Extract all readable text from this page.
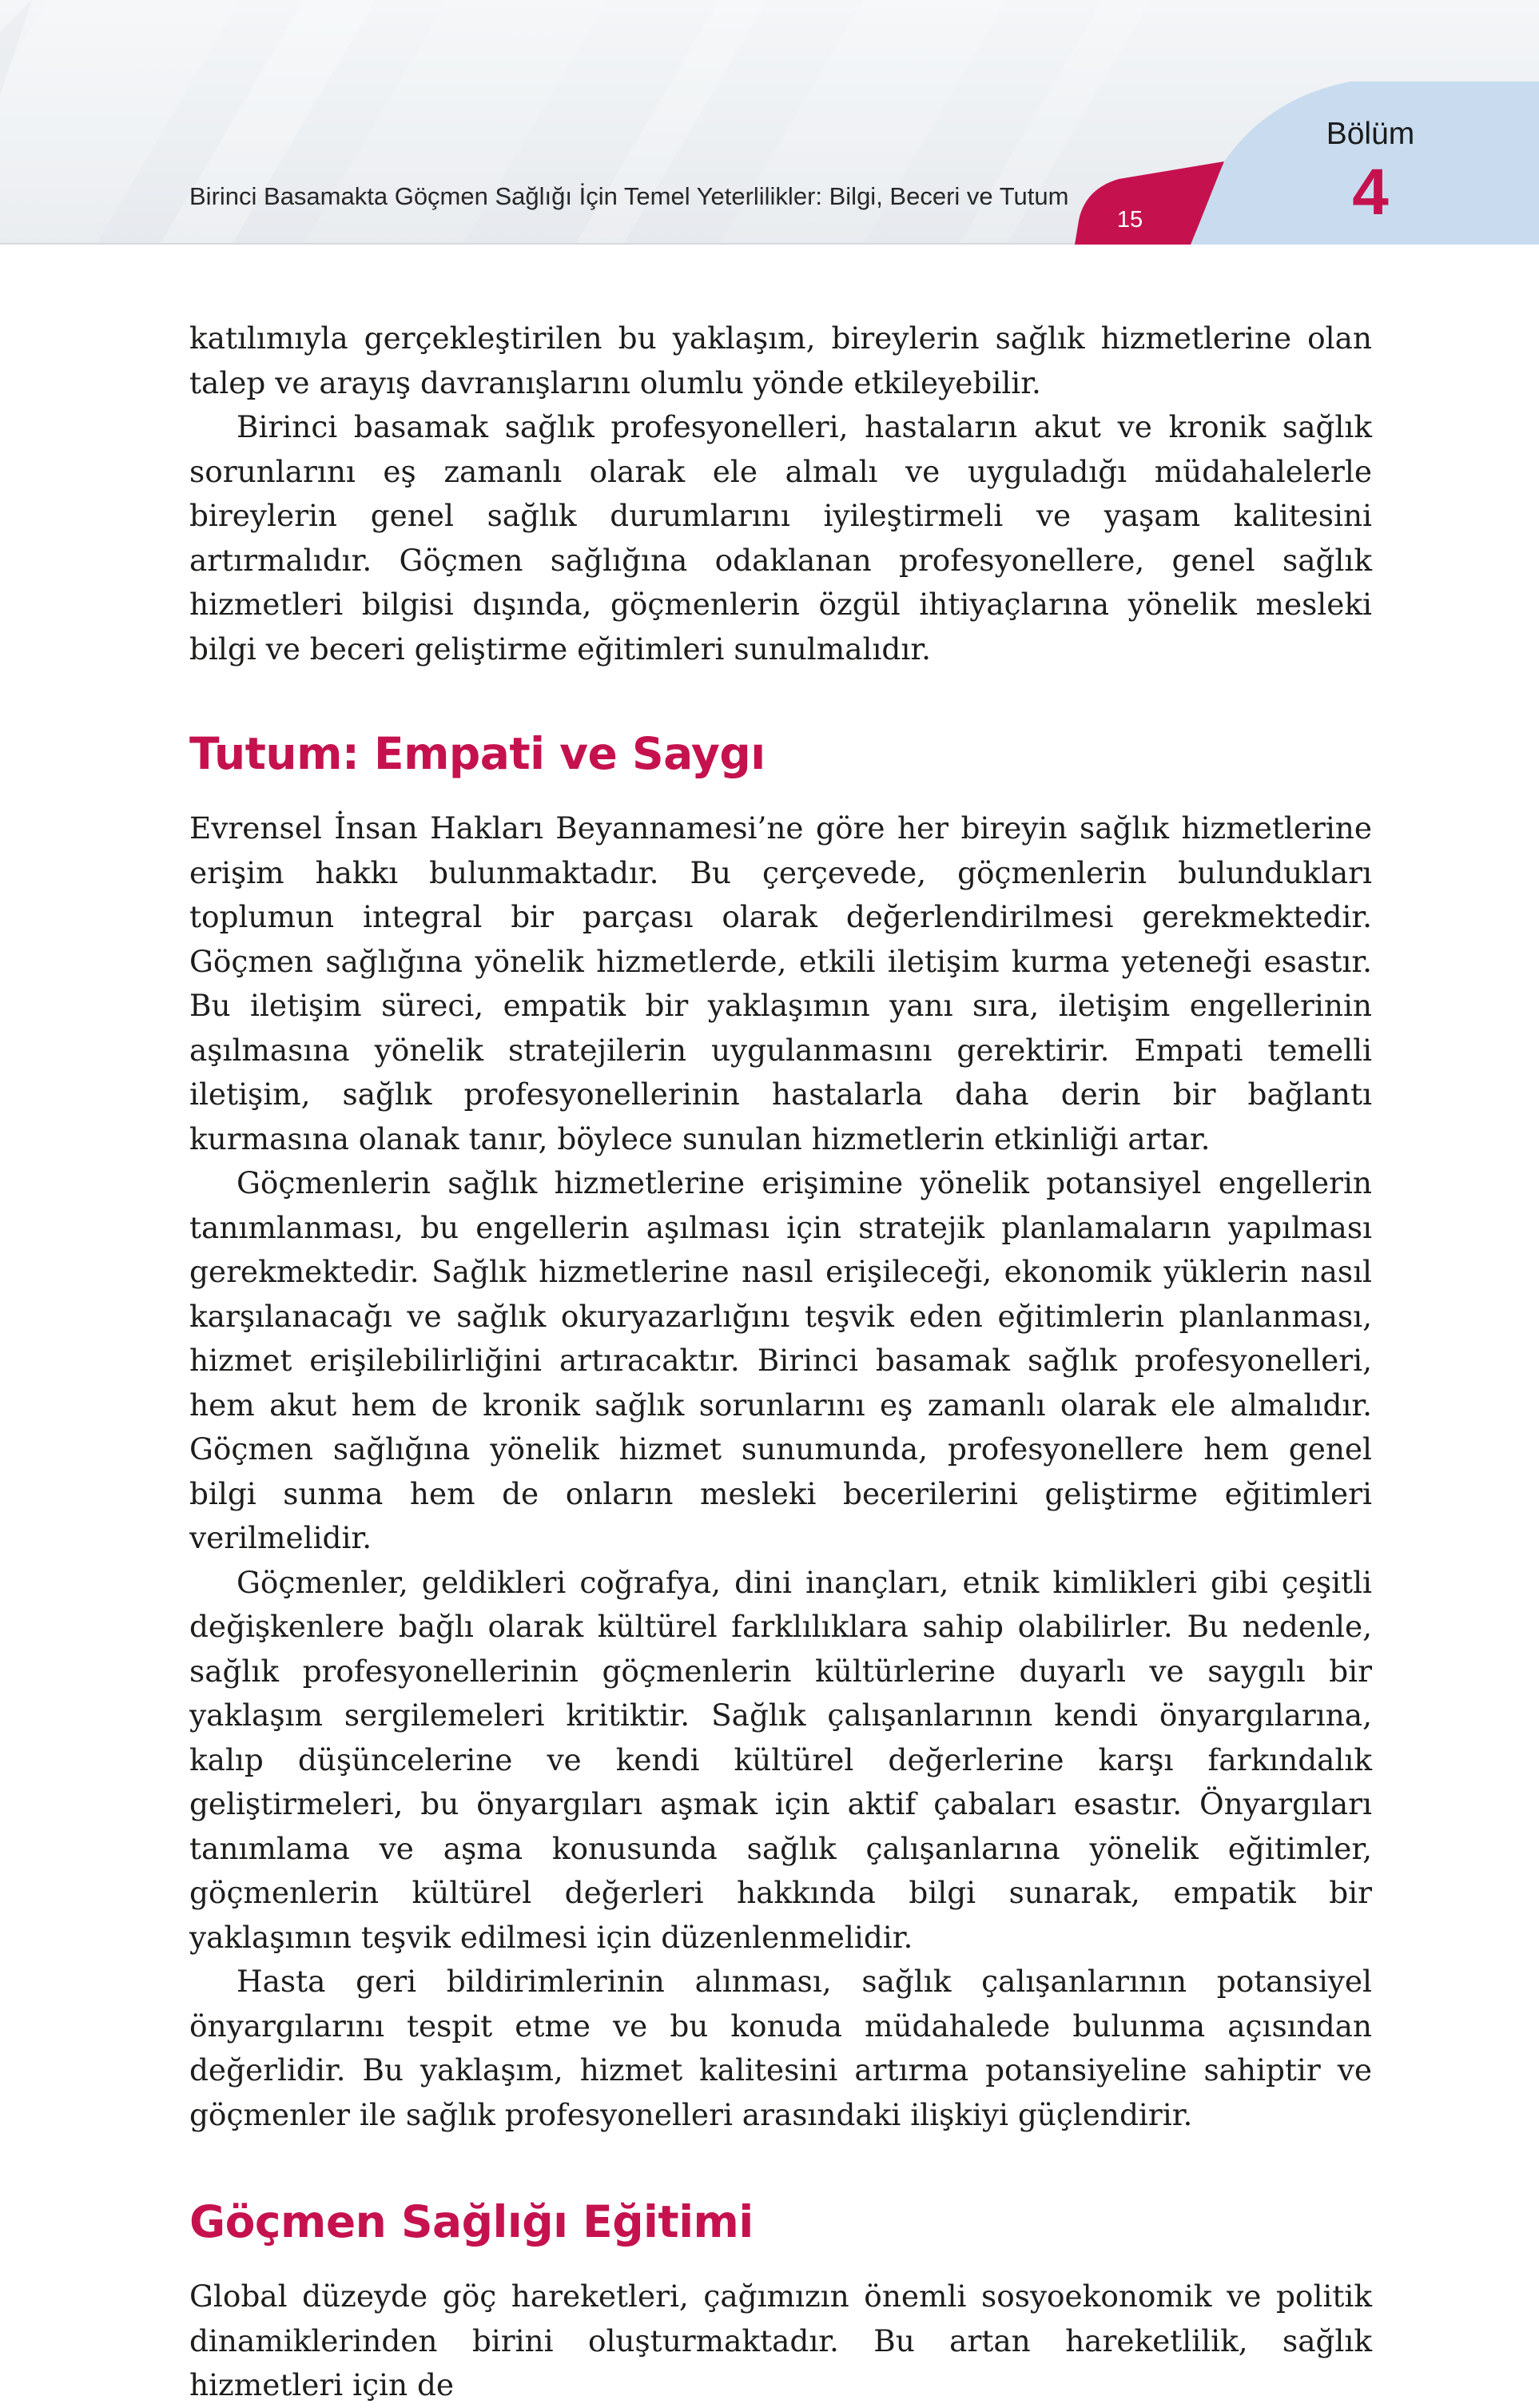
Birinci Basamakta Göçmen Sağlığı İçin Temel Yeterlilikler: Bilgi, Beceri ve Tutum
15
Bölüm
4

katılımıyla gerçekleştirilen bu yaklaşım, bireylerin sağlık hizmetlerine olan talep ve arayış davranışlarını olumlu yönde etkileyebilir.

Birinci basamak sağlık profesyonelleri, hastaların akut ve kronik sağlık sorunlarını eş zamanlı olarak ele almalı ve uyguladığı müdahalelerle bireylerin genel sağlık durumlarını iyileştirmeli ve yaşam kalitesini artırmalıdır. Göçmen sağlığına odaklanan profesyonellere, genel sağlık hizmetleri bilgisi dışında, göçmenlerin özgül ihtiyaçlarına yönelik mesleki bilgi ve beceri geliştirme eğitimleri sunulmalıdır.

Tutum: Empati ve Saygı

Evrensel İnsan Hakları Beyannamesi’ne göre her bireyin sağlık hizmetlerine erişim hakkı bulunmaktadır. Bu çerçevede, göçmenlerin bulundukları toplumun integral bir parçası olarak değerlendirilmesi gerekmektedir. Göçmen sağlığına yönelik hizmetlerde, etkili iletişim kurma yeteneği esastır. Bu iletişim süreci, empatik bir yaklaşımın yanı sıra, iletişim engellerinin aşılmasına yönelik stratejilerin uygulanmasını gerektirir. Empati temelli iletişim, sağlık profesyonellerinin hastalarla daha derin bir bağlantı kurmasına olanak tanır, böylece sunulan hizmetlerin etkinliği artar.

Göçmenlerin sağlık hizmetlerine erişimine yönelik potansiyel engellerin tanımlanması, bu engellerin aşılması için stratejik planlamaların yapılması gerekmektedir. Sağlık hizmetlerine nasıl erişileceği, ekonomik yüklerin nasıl karşılanacağı ve sağlık okuryazarlığını teşvik eden eğitimlerin planlanması, hizmet erişilebilirliğini artıracaktır. Birinci basamak sağlık profesyonelleri, hem akut hem de kronik sağlık sorunlarını eş zamanlı olarak ele almalıdır. Göçmen sağlığına yönelik hizmet sunumunda, profesyonellere hem genel bilgi sunma hem de onların mesleki becerilerini geliştirme eğitimleri verilmelidir.

Göçmenler, geldikleri coğrafya, dini inançları, etnik kimlikleri gibi çeşitli değişkenlere bağlı olarak kültürel farklılıklara sahip olabilirler. Bu nedenle, sağlık profesyonellerinin göçmenlerin kültürlerine duyarlı ve saygılı bir yaklaşım sergilemeleri kritiktir. Sağlık çalışanlarının kendi önyargılarına, kalıp düşüncelerine ve kendi kültürel değerlerine karşı farkındalık geliştirmeleri, bu önyargıları aşmak için aktif çabaları esastır. Önyargıları tanımlama ve aşma konusunda sağlık çalışanlarına yönelik eğitimler, göçmenlerin kültürel değerleri hakkında bilgi sunarak, empatik bir yaklaşımın teşvik edilmesi için düzenlenmelidir.

Hasta geri bildirimlerinin alınması, sağlık çalışanlarının potansiyel önyargılarını tespit etme ve bu konuda müdahalede bulunma açısından değerlidir. Bu yaklaşım, hizmet kalitesini artırma potansiyeline sahiptir ve göçmenler ile sağlık profesyonelleri arasındaki ilişkiyi güçlendirir.

Göçmen Sağlığı Eğitimi

Global düzeyde göç hareketleri, çağımızın önemli sosyoekonomik ve politik dinamiklerinden birini oluşturmaktadır. Bu artan hareketlilik, sağlık hizmetleri için de
